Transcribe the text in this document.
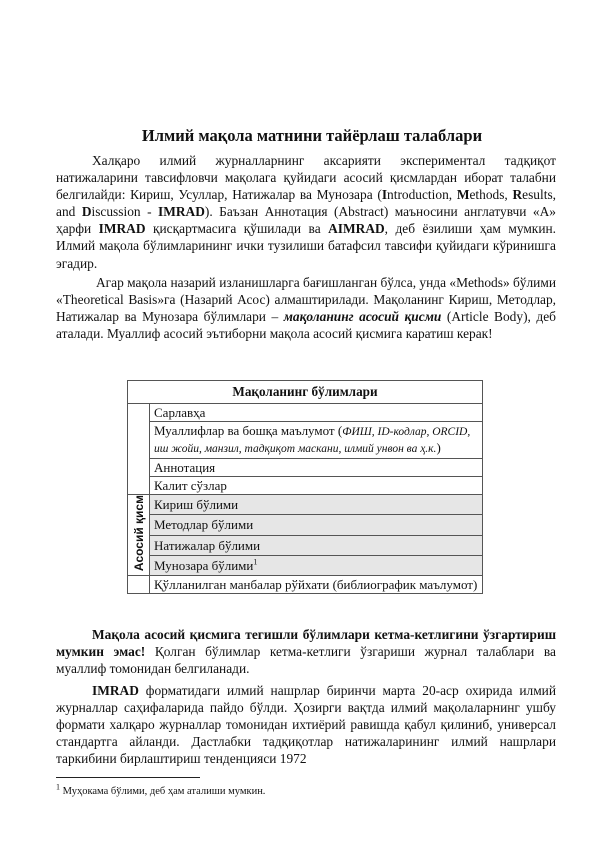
Илмий мақола матнини тайёрлаш талаблари

Халқаро илмий журналларнинг аксарияти экспериментал тадқиқот натижаларини тавсифловчи мақолага қуйидаги асосий қисмлардан иборат талабни белгилайди: Кириш, Усуллар, Натижалар ва Мунозара (Introduction, Methods, Results, and Discussion - IMRAD). Баъзан Аннотация (Abstract) маъносини англатувчи «A» ҳарфи IMRAD қисқартмасига қўшилади ва AIMRAD, деб ёзилиши ҳам мумкин. Илмий мақола бўлимларининг ички тузилиши батафсил тавсифи қуйидаги кўринишга эгадир.

Агар мақола назарий изланишларга бағишланган бўлса, унда «Methods» бўлими «Theoretical Basis»га (Назарий Асос) алмаштирилади. Мақоланинг Кириш, Методлар, Натижалар ва Мунозара бўлимлари – мақоланинг асосий қисми (Article Body), деб аталади. Муаллиф асосий эътиборни мақола асосий қисмига каратиш керак!

Мақоланинг бўлимлари	
	Сарлавҳа
	Муаллифлар ва бошқа маълумот (ФИШ, ID-кодлар, ORCID, иш жойи, манзил, тадқиқот маскани, илмий унвон ва ҳ.к.)
	Аннотация
	Калит сўзлар
Асосий қисм	Кириш бўлими
	Методлар бўлими
	Натижалар бўлими
	Мунозара бўлими$^1$
	Қўлланилган манбалар рўйхати (библиографик маълумот)

Мақола асосий қисмига тегишли бўлимлари кетма-кетлигини ўзгартириш мумкин эмас! Қолган бўлимлар кетма-кетлиги ўзгариши журнал талаблари ва муаллиф томонидан белгиланади.

IMRAD форматидаги илмий нашрлар биринчи марта 20-аср охирида илмий журналлар саҳифаларида пайдо бўлди. Ҳозирги вақтда илмий мақолаларнинг ушбу формати халқаро журналлар томонидан ихтиёрий равишда қабул қилиниб, универсал стандартга айланди. Дастлабки тадқиқотлар натижаларининг илмий нашрлари таркибини бирлаштириш тенденцияси 1972

$^1$ Муҳокама бўлими, деб ҳам аталиши мумкин.
